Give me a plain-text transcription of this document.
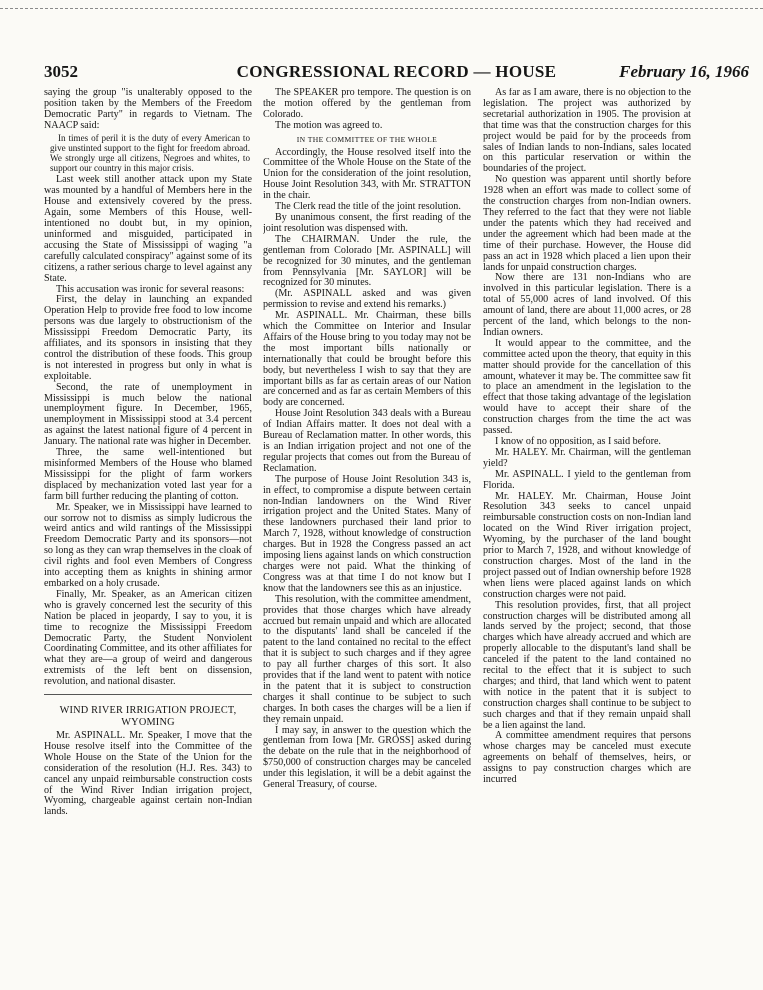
3052	CONGRESSIONAL RECORD — HOUSE	February 16, 1966

saying the group "is unalterably opposed to the position taken by the Members of the Freedom Democratic Party" in regards to Vietnam. The NAACP said:

In times of peril it is the duty of every American to give unstinted support to the fight for freedom abroad. We strongly urge all citizens, Negroes and whites, to support our country in this major crisis.

Last week still another attack upon my State was mounted by a handful of Members here in the House and extensively covered by the press. Again, some Members of this House, well-intentioned no doubt but, in my opinion, uninformed and misguided, participated in accusing the State of Mississippi of waging "a carefully calculated conspiracy" against some of its citizens, a rather serious charge to level against any State.

This accusation was ironic for several reasons:

First, the delay in launching an expanded Operation Help to provide free food to low income persons was due largely to obstructionism of the Mississippi Freedom Democratic Party, its affiliates, and its sponsors in insisting that they control the distribution of these foods. This group is not interested in progress but only in what is exploitable.

Second, the rate of unemployment in Mississippi is much below the national unemployment figure. In December, 1965, unemployment in Mississippi stood at 3.4 percent as against the latest national figure of 4 percent in January. The national rate was higher in December.

Three, the same well-intentioned but misinformed Members of the House who blamed Mississippi for the plight of farm workers displaced by mechanization voted last year for a farm bill further reducing the planting of cotton.

Mr. Speaker, we in Mississippi have learned to our sorrow not to dismiss as simply ludicrous the weird antics and wild rantings of the Mississippi Freedom Democratic Party and its sponsors—not so long as they can wrap themselves in the cloak of civil rights and fool even Members of Congress into accepting them as knights in shining armor embarked on a holy crusade.

Finally, Mr. Speaker, as an American citizen who is gravely concerned lest the security of this Nation be placed in jeopardy, I say to you, it is time to recognize the Mississippi Freedom Democratic Party, the Student Nonviolent Coordinating Committee, and its other affiliates for what they are—a group of weird and dangerous extremists of the left bent on dissension, revolution, and national disaster.

WIND RIVER IRRIGATION PROJECT, WYOMING

Mr. ASPINALL. Mr. Speaker, I move that the House resolve itself into the Committee of the Whole House on the State of the Union for the consideration of the resolution (H.J. Res. 343) to cancel any unpaid reimbursable construction costs of the Wind River Indian irrigation project, Wyoming, chargeable against certain non-Indian lands.

The SPEAKER pro tempore. The question is on the motion offered by the gentleman from Colorado.

The motion was agreed to.

IN THE COMMITTEE OF THE WHOLE

Accordingly, the House resolved itself into the Committee of the Whole House on the State of the Union for the consideration of the joint resolution, House Joint Resolution 343, with Mr. STRATTON in the chair.

The Clerk read the title of the joint resolution.

By unanimous consent, the first reading of the joint resolution was dispensed with.

The CHAIRMAN. Under the rule, the gentleman from Colorado [Mr. ASPINALL] will be recognized for 30 minutes, and the gentleman from Pennsylvania [Mr. SAYLOR] will be recognized for 30 minutes.

(Mr. ASPINALL asked and was given permission to revise and extend his remarks.)

Mr. ASPINALL. Mr. Chairman, these bills which the Committee on Interior and Insular Affairs of the House bring to you today may not be the most important bills nationally or internationally that could be brought before this body, but nevertheless I wish to say that they are important bills as far as certain areas of our Nation are concerned and as far as certain Members of this body are concerned.

House Joint Resolution 343 deals with a Bureau of Indian Affairs matter. It does not deal with a Bureau of Reclamation matter. In other words, this is an Indian irrigation project and not one of the regular projects that comes out from the Bureau of Reclamation.

The purpose of House Joint Resolution 343 is, in effect, to compromise a dispute between certain non-Indian landowners on the Wind River irrigation project and the United States. Many of these landowners purchased their land prior to March 7, 1928, without knowledge of construction charges. But in 1928 the Congress passed an act imposing liens against lands on which construction charges were not paid. What the thinking of Congress was at that time I do not know but I know that the landowners see this as an injustice.

This resolution, with the committee amendment, provides that those charges which have already accrued but remain unpaid and which are allocated to the disputants' land shall be canceled if the patent to the land contained no recital to the effect that it is subject to such charges and if they agree to pay all further charges of this sort. It also provides that if the land went to patent with notice in the patent that it is subject to construction charges it shall continue to be subject to such charges. In both cases the charges will be a lien if they remain unpaid.

I may say, in answer to the question which the gentleman from Iowa [Mr. GROSS] asked during the debate on the rule that in the neighborhood of $750,000 of construction charges may be canceled under this legislation, it will be a debit against the General Treasury, of course.

As far as I am aware, there is no objection to the legislation. The project was authorized by secretarial authorization in 1905. The provision at that time was that the construction charges for this project would be paid for by the proceeds from sales of Indian lands to non-Indians, sales located on this particular reservation or within the boundaries of the project.

No question was apparent until shortly before 1928 when an effort was made to collect some of the construction charges from non-Indian owners. They referred to the fact that they were not liable under the patents which they had received and under the agreement which had been made at the time of their purchase. However, the House did pass an act in 1928 which placed a lien upon their lands for unpaid construction charges.

Now there are 131 non-Indians who are involved in this particular legislation. There is a total of 55,000 acres of land involved. Of this amount of land, there are about 11,000 acres, or 28 percent of the land, which belongs to the non-Indian owners.

It would appear to the committee, and the committee acted upon the theory, that equity in this matter should provide for the cancellation of this amount, whatever it may be. The committee saw fit to place an amendment in the legislation to the effect that those taking advantage of the legislation would have to accept their share of the construction charges from the time the act was passed.

I know of no opposition, as I said before.

Mr. HALEY. Mr. Chairman, will the gentleman yield?

Mr. ASPINALL. I yield to the gentleman from Florida.

Mr. HALEY. Mr. Chairman, House Joint Resolution 343 seeks to cancel unpaid reimbursable construction costs on non-Indian land located on the Wind River irrigation project, Wyoming, by the purchaser of the land bought prior to March 7, 1928, and without knowledge of construction charges. Most of the land in the project passed out of Indian ownership before 1928 when liens were placed against lands on which construction charges were not paid.

This resolution provides, first, that all project construction charges will be distributed among all lands served by the project; second, that those charges which have already accrued and which are properly allocable to the disputant's land shall be canceled if the patent to the land contained no recital to the effect that it is subject to such charges; and third, that land which went to patent with notice in the patent that it is subject to construction charges shall continue to be subject to such charges and that if they remain unpaid shall be a lien against the land.

A committee amendment requires that persons whose charges may be canceled must execute agreements on behalf of themselves, heirs, or assigns to pay construction charges which are incurred
